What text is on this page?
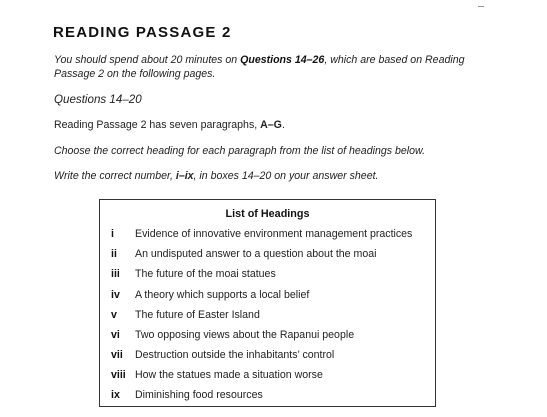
READING PASSAGE 2
You should spend about 20 minutes on Questions 14–26, which are based on Reading Passage 2 on the following pages.
Questions 14–20
Reading Passage 2 has seven paragraphs, A–G.
Choose the correct heading for each paragraph from the list of headings below.
Write the correct number, i–ix, in boxes 14–20 on your answer sheet.
List of Headings
i Evidence of innovative environment management practices
ii An undisputed answer to a question about the moai
iii The future of the moai statues
iv A theory which supports a local belief
v The future of Easter Island
vi Two opposing views about the Rapanui people
vii Destruction outside the inhabitants’ control
viii How the statues made a situation worse
ix Diminishing food resources
